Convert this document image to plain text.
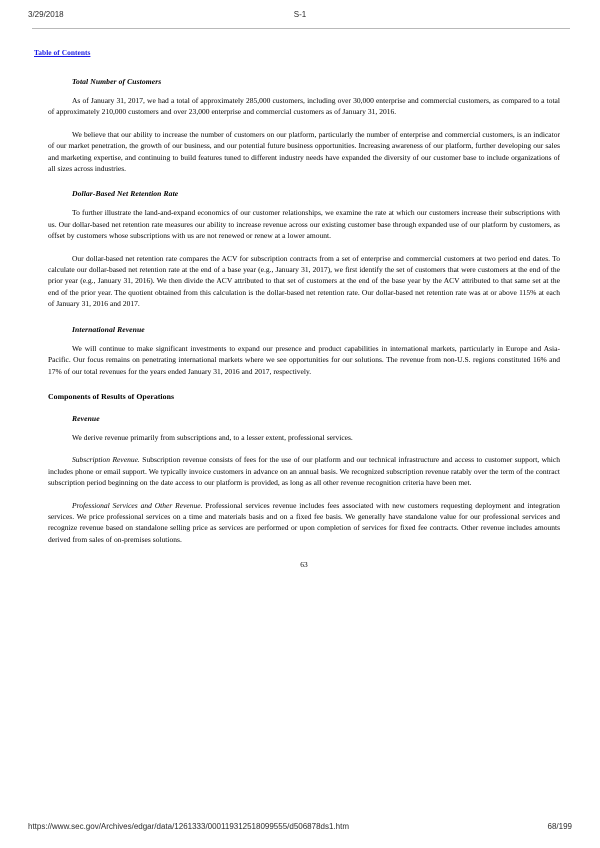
3/29/2018	S-1
Table of Contents
Total Number of Customers

As of January 31, 2017, we had a total of approximately 285,000 customers, including over 30,000 enterprise and commercial customers, as compared to a total of approximately 210,000 customers and over 23,000 enterprise and commercial customers as of January 31, 2016.

We believe that our ability to increase the number of customers on our platform, particularly the number of enterprise and commercial customers, is an indicator of our market penetration, the growth of our business, and our potential future business opportunities. Increasing awareness of our platform, further developing our sales and marketing expertise, and continuing to build features tuned to different industry needs have expanded the diversity of our customer base to include organizations of all sizes across industries.

Dollar-Based Net Retention Rate

To further illustrate the land-and-expand economics of our customer relationships, we examine the rate at which our customers increase their subscriptions with us. Our dollar-based net retention rate measures our ability to increase revenue across our existing customer base through expanded use of our platform by customers, as offset by customers whose subscriptions with us are not renewed or renew at a lower amount.

Our dollar-based net retention rate compares the ACV for subscription contracts from a set of enterprise and commercial customers at two period end dates. To calculate our dollar-based net retention rate at the end of a base year (e.g., January 31, 2017), we first identify the set of customers that were customers at the end of the prior year (e.g., January 31, 2016). We then divide the ACV attributed to that set of customers at the end of the base year by the ACV attributed to that same set at the end of the prior year. The quotient obtained from this calculation is the dollar-based net retention rate. Our dollar-based net retention rate was at or above 115% at each of January 31, 2016 and 2017.

International Revenue

We will continue to make significant investments to expand our presence and product capabilities in international markets, particularly in Europe and Asia-Pacific. Our focus remains on penetrating international markets where we see opportunities for our solutions. The revenue from non-U.S. regions constituted 16% and 17% of our total revenues for the years ended January 31, 2016 and 2017, respectively.

Components of Results of Operations
Revenue

We derive revenue primarily from subscriptions and, to a lesser extent, professional services.

Subscription Revenue. Subscription revenue consists of fees for the use of our platform and our technical infrastructure and access to customer support, which includes phone or email support. We typically invoice customers in advance on an annual basis. We recognized subscription revenue ratably over the term of the contract subscription period beginning on the date access to our platform is provided, as long as all other revenue recognition criteria have been met.

Professional Services and Other Revenue. Professional services revenue includes fees associated with new customers requesting deployment and integration services. We price professional services on a time and materials basis and on a fixed fee basis. We generally have standalone value for our professional services and recognize revenue based on standalone selling price as services are performed or upon completion of services for fixed fee contracts. Other revenue includes amounts derived from sales of on-premises solutions.

63
https://www.sec.gov/Archives/edgar/data/1261333/000119312518099555/d506878ds1.htm	68/199
